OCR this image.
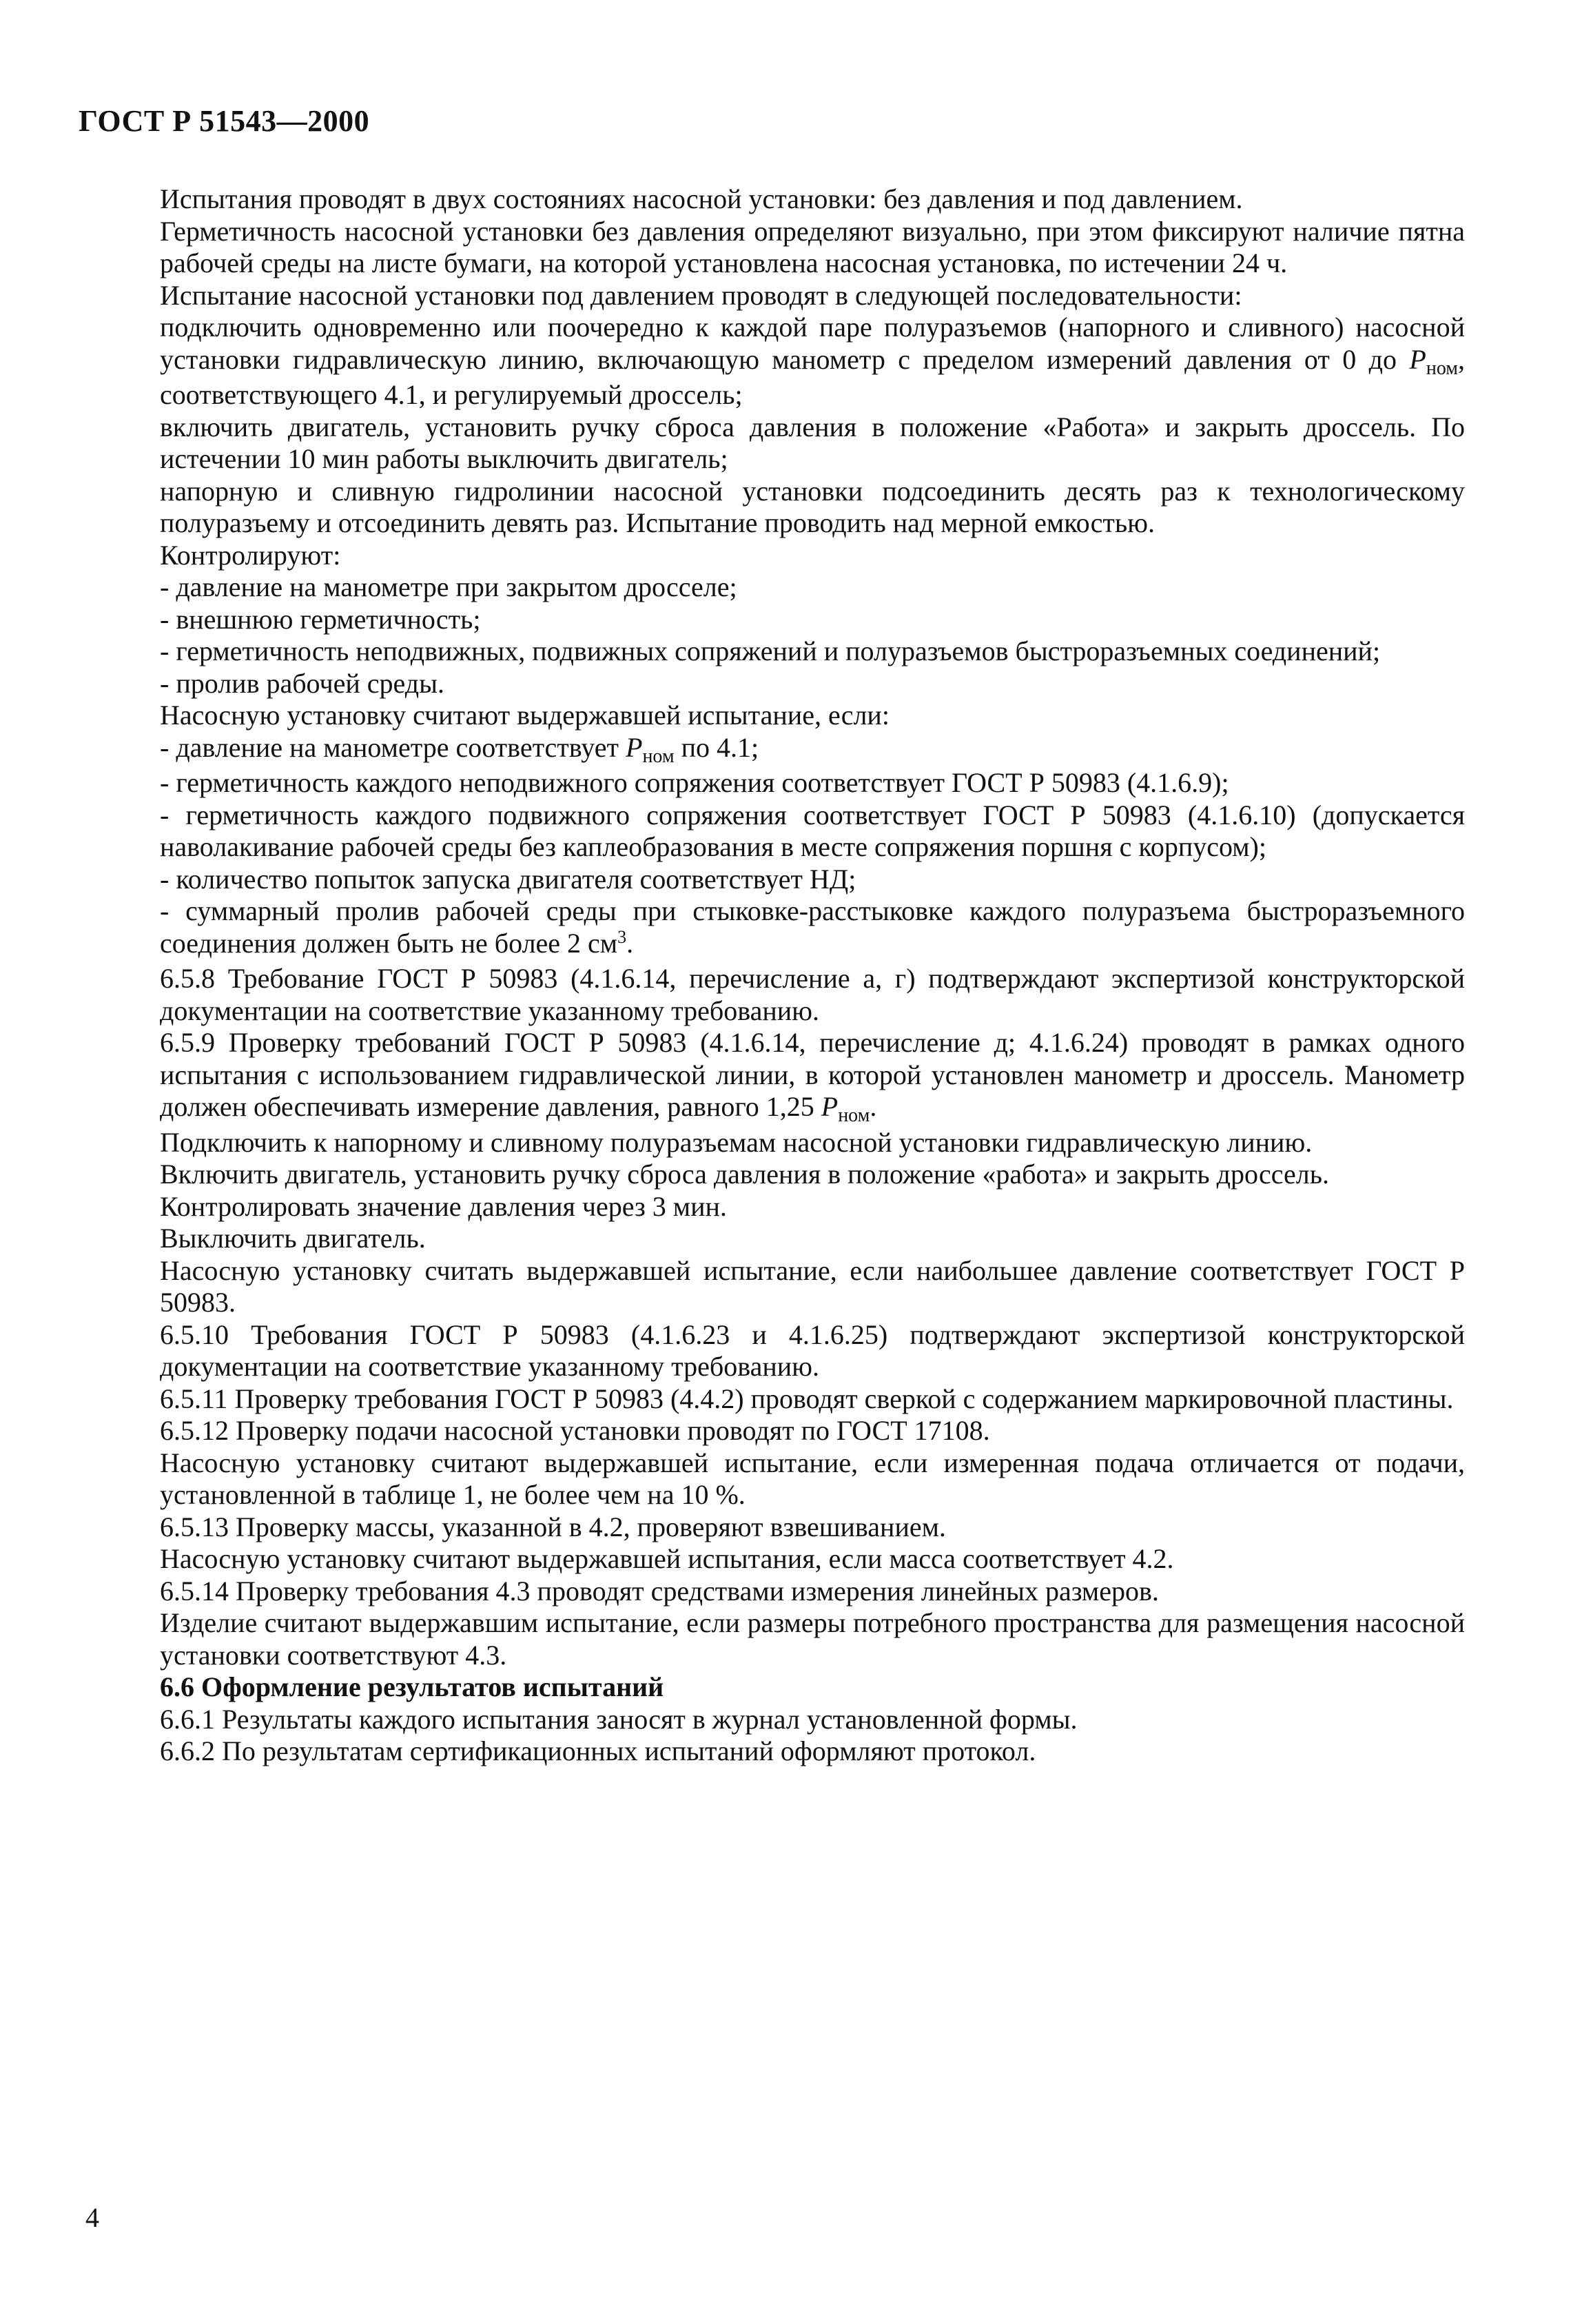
ГОСТ Р 51543—2000

Испытания проводят в двух состояниях насосной установки: без давления и под давлением.

Герметичность насосной установки без давления определяют визуально, при этом фиксируют наличие пятна рабочей среды на листе бумаги, на которой установлена насосная установка, по истечении 24 ч.

Испытание насосной установки под давлением проводят в следующей последовательности:

подключить одновременно или поочередно к каждой паре полуразъемов (напорного и сливного) насосной установки гидравлическую линию, включающую манометр с пределом измерений давления от 0 до $P_{ном}$, соответствующего 4.1, и регулируемый дроссель;

включить двигатель, установить ручку сброса давления в положение «Работа» и закрыть дроссель. По истечении 10 мин работы выключить двигатель;

напорную и сливную гидролинии насосной установки подсоединить десять раз к технологическому полуразъему и отсоединить девять раз. Испытание проводить над мерной емкостью.

Контролируют:

- давление на манометре при закрытом дросселе;

- внешнюю герметичность;

- герметичность неподвижных, подвижных сопряжений и полуразъемов быстроразъемных соединений;

- пролив рабочей среды.

Насосную установку считают выдержавшей испытание, если:

- давление на манометре соответствует $P_{ном}$ по 4.1;

- герметичность каждого неподвижного сопряжения соответствует ГОСТ Р 50983 (4.1.6.9);

- герметичность каждого подвижного сопряжения соответствует ГОСТ Р 50983 (4.1.6.10) (допускается наволакивание рабочей среды без каплеобразования в месте сопряжения поршня с корпусом);

- количество попыток запуска двигателя соответствует НД;

- суммарный пролив рабочей среды при стыковке-расстыковке каждого полуразъема быстроразъемного соединения должен быть не более 2 $см^3$.

6.5.8 Требование ГОСТ Р 50983 (4.1.6.14, перечисление а, г) подтверждают экспертизой конструкторской документации на соответствие указанному требованию.

6.5.9 Проверку требований ГОСТ Р 50983 (4.1.6.14, перечисление д; 4.1.6.24) проводят в рамках одного испытания с использованием гидравлической линии, в которой установлен манометр и дроссель. Манометр должен обеспечивать измерение давления, равного 1,25 $P_{ном}$.

Подключить к напорному и сливному полуразъемам насосной установки гидравлическую линию.

Включить двигатель, установить ручку сброса давления в положение «работа» и закрыть дроссель.

Контролировать значение давления через 3 мин.

Выключить двигатель.

Насосную установку считать выдержавшей испытание, если наибольшее давление соответствует ГОСТ Р 50983.

6.5.10 Требования ГОСТ Р 50983 (4.1.6.23 и 4.1.6.25) подтверждают экспертизой конструкторской документации на соответствие указанному требованию.

6.5.11 Проверку требования ГОСТ Р 50983 (4.4.2) проводят сверкой с содержанием маркировочной пластины.

6.5.12 Проверку подачи насосной установки проводят по ГОСТ 17108.

Насосную установку считают выдержавшей испытание, если измеренная подача отличается от подачи, установленной в таблице 1, не более чем на 10 %.

6.5.13 Проверку массы, указанной в 4.2, проверяют взвешиванием.

Насосную установку считают выдержавшей испытания, если масса соответствует 4.2.

6.5.14 Проверку требования 4.3 проводят средствами измерения линейных размеров.

Изделие считают выдержавшим испытание, если размеры потребного пространства для размещения насосной установки соответствуют 4.3.

6.6 Оформление результатов испытаний

6.6.1 Результаты каждого испытания заносят в журнал установленной формы.

6.6.2 По результатам сертификационных испытаний оформляют протокол.

4
